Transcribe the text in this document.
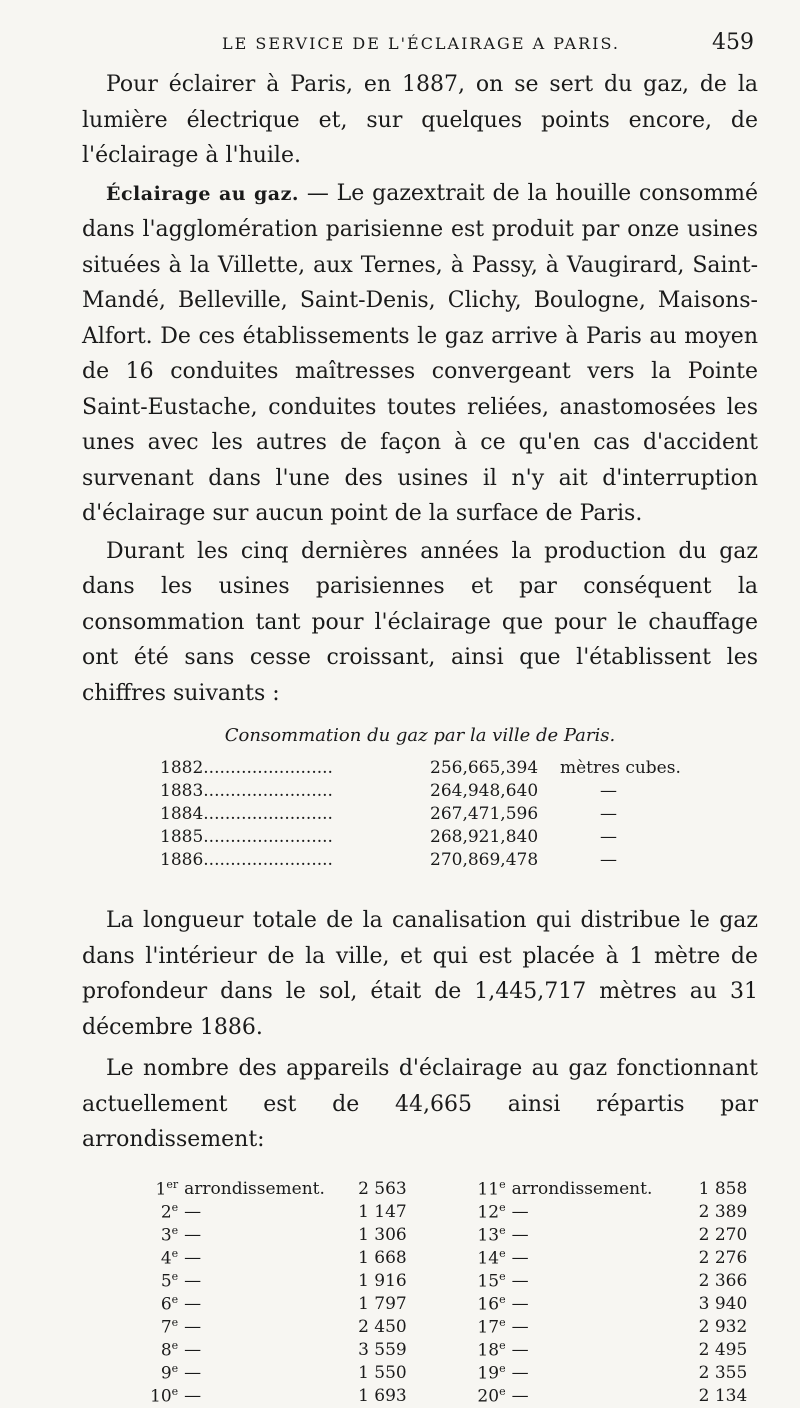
LE SERVICE DE L'ÉCLAIRAGE A PARIS.	459

Pour éclairer à Paris, en 1887, on se sert du gaz, de la lumière électrique et, sur quelques points encore, de l'éclairage à l'huile.

Éclairage au gaz. — Le gazextrait de la houille consommé dans l'agglomération parisienne est produit par onze usines situées à la Villette, aux Ternes, à Passy, à Vaugirard, Saint-Mandé, Belleville, Saint-Denis, Clichy, Boulogne, Maisons-Alfort. De ces établissements le gaz arrive à Paris au moyen de 16 conduites maîtresses convergeant vers la Pointe Saint-Eustache, conduites toutes reliées, anastomosées les unes avec les autres de façon à ce qu'en cas d'accident survenant dans l'une des usines il n'y ait d'interruption d'éclairage sur aucun point de la surface de Paris.

Durant les cinq dernières années la production du gaz dans les usines parisiennes et par conséquent la consommation tant pour l'éclairage que pour le chauffage ont été sans cesse croissant, ainsi que l'établissent les chiffres suivants :

Consommation du gaz par la ville de Paris.
1882........................	256,665,394	mètres cubes.
1883........................	264,948,640	—
1884........................	267,471,596	—
1885........................	268,921,840	—
1886........................	270,869,478	—

La longueur totale de la canalisation qui distribue le gaz dans l'intérieur de la ville, et qui est placée à 1 mètre de profondeur dans le sol, était de 1,445,717 mètres au 31 décembre 1886.

Le nombre des appareils d'éclairage au gaz fonctionnant actuellement est de 44,665 ainsi répartis par arrondissement:

1er	arrondissement.	2 563	11e	arrondissement.	1 858
2e	—	1 147	12e	—	2 389
3e	—	1 306	13e	—	2 270
4e	—	1 668	14e	—	2 276
5e	—	1 916	15e	—	2 366
6e	—	1 797	16e	—	3 940
7e	—	2 450	17e	—	2 932
8e	—	3 559	18e	—	2 495
9e	—	1 550	19e	—	2 355
10e	—	1 693	20e	—	2 134
